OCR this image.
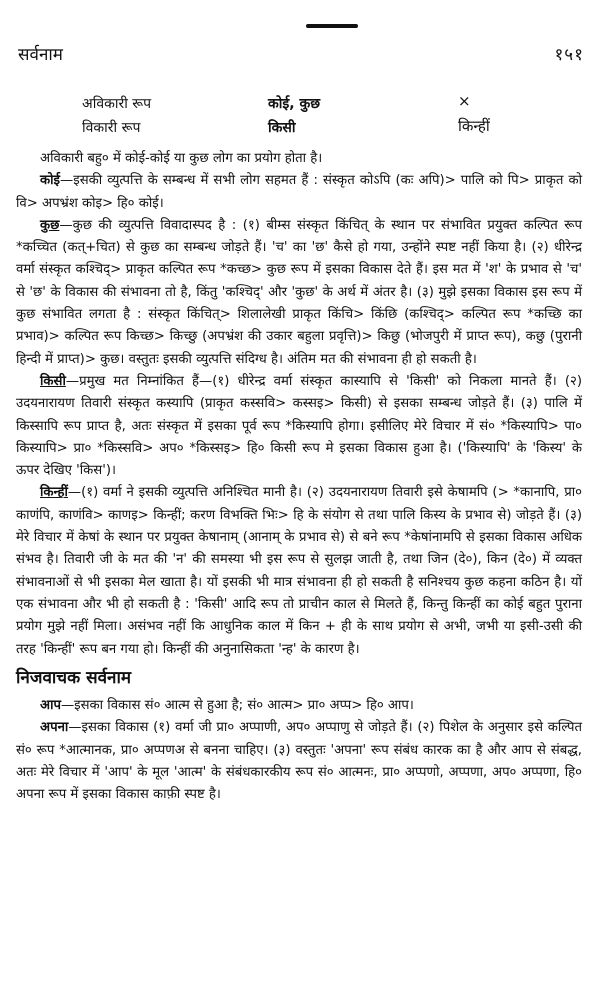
सर्वनाम	१५१
अविकारी रूप	कोई, कुछ	×
विकारी रूप	किसी	किन्हीं

अविकारी बहु० में कोई-कोई या कुछ लोग का प्रयोग होता है।

कोई—इसकी व्युत्पत्ति के सम्बन्ध में सभी लोग सहमत हैं : संस्कृत कोऽपि (कः अपि)> पालि को पि> प्राकृत को वि> अपभ्रंश कोइ> हि० कोई।

कुछ—कुछ की व्युत्पत्ति विवादास्पद है : (१) बीम्स संस्कृत किंचित् के स्थान पर संभावित प्रयुक्त कल्पित रूप *कच्चित (कत्+चित) से कुछ का सम्बन्ध जोड़ते हैं। 'च' का 'छ' कैसे हो गया, उन्होंने स्पष्ट नहीं किया है। (२) धीरेन्द्र वर्मा संस्कृत कश्चिद्> प्राकृत कल्पित रूप *कच्छ> कुछ रूप में इसका विकास देते हैं। इस मत में 'श' के प्रभाव से 'च' से 'छ' के विकास की संभावना तो है, किंतु 'कश्चिद्' और 'कुछ' के अर्थ में अंतर है। (३) मुझे इसका विकास इस रूप में कुछ संभावित लगता है : संस्कृत किंचित्> शिलालेखी प्राकृत किंचि> किंछि (कश्चिद्> कल्पित रूप *कच्छि का प्रभाव)> कल्पित रूप किच्छ> किच्छु (अपभ्रंश की उकार बहुला प्रवृत्ति)> किछु (भोजपुरी में प्राप्त रूप), कछु (पुरानी हिन्दी में प्राप्त)> कुछ। वस्तुतः इसकी व्युत्पत्ति संदिग्ध है। अंतिम मत की संभावना ही हो सकती है।

किसी—प्रमुख मत निम्नांकित हैं—(१) धीरेन्द्र वर्मा संस्कृत कास्यापि से 'किसी' को निकला मानते हैं। (२) उदयनारायण तिवारी संस्कृत कस्यापि (प्राकृत कस्सवि> कस्सइ> किसी) से इसका सम्बन्ध जोड़ते हैं। (३) पालि में किस्सापि रूप प्राप्त है, अतः संस्कृत में इसका पूर्व रूप *किस्यापि होगा। इसीलिए मेरे विचार में सं० *किस्यापि> पा० किस्यापि> प्रा० *किस्सवि> अप० *किस्सइ> हि० किसी रूप मे इसका विकास हुआ है। ('किस्यापि' के 'किस्य' के ऊपर देखिए 'किस')।

किन्हीं—(१) वर्मा ने इसकी व्युत्पत्ति अनिश्चित मानी है। (२) उदयनारायण तिवारी इसे केषामपि (> *कानापि, प्रा० काणंपि, काणंवि> काणइ> किन्हीं; करण विभक्ति भिः> हि के संयोग से तथा पालि किस्य के प्रभाव से) जोड़ते हैं। (३) मेरे विचार में केषां के स्थान पर प्रयुक्त केषानाम् (आनाम् के प्रभाव से) से बने रूप *केषांनामपि से इसका विकास अधिक संभव है। तिवारी जी के मत की 'न' की समस्या भी इस रूप से सुलझ जाती है, तथा जिन (दे०), किन (दे०) में व्यक्त संभावनाओं से भी इसका मेल खाता है। यों इसकी भी मात्र संभावना ही हो सकती है सनिश्चय कुछ कहना कठिन है। यों एक संभावना और भी हो सकती है : 'किसी' आदि रूप तो प्राचीन काल से मिलते हैं, किन्तु किन्हीं का कोई बहुत पुराना प्रयोग मुझे नहीं मिला। असंभव नहीं कि आधुनिक काल में किन + ही के साथ प्रयोग से अभी, जभी या इसी-उसी की तरह 'किन्हीं' रूप बन गया हो। किन्हीं की अनुनासिकता 'न्ह' के कारण है।

निजवाचक सर्वनाम

आप—इसका विकास सं० आत्म से हुआ है; सं० आत्म> प्रा० अप्प> हि० आप।

अपना—इसका विकास (१) वर्मा जी प्रा० अप्पाणी, अप० अप्पाणु से जोड़ते हैं। (२) पिशेल के अनुसार इसे कल्पित सं० रूप *आत्मानक, प्रा० अप्पणअ से बनना चाहिए। (३) वस्तुतः 'अपना' रूप संबंध कारक का है और आप से संबद्ध, अतः मेरे विचार में 'आप' के मूल 'आत्म' के संबंधकारकीय रूप सं० आत्मनः, प्रा० अप्पणो, अप्पणा, अप० अप्पणा, हि० अपना रूप में इसका विकास काफ़ी स्पष्ट है।
